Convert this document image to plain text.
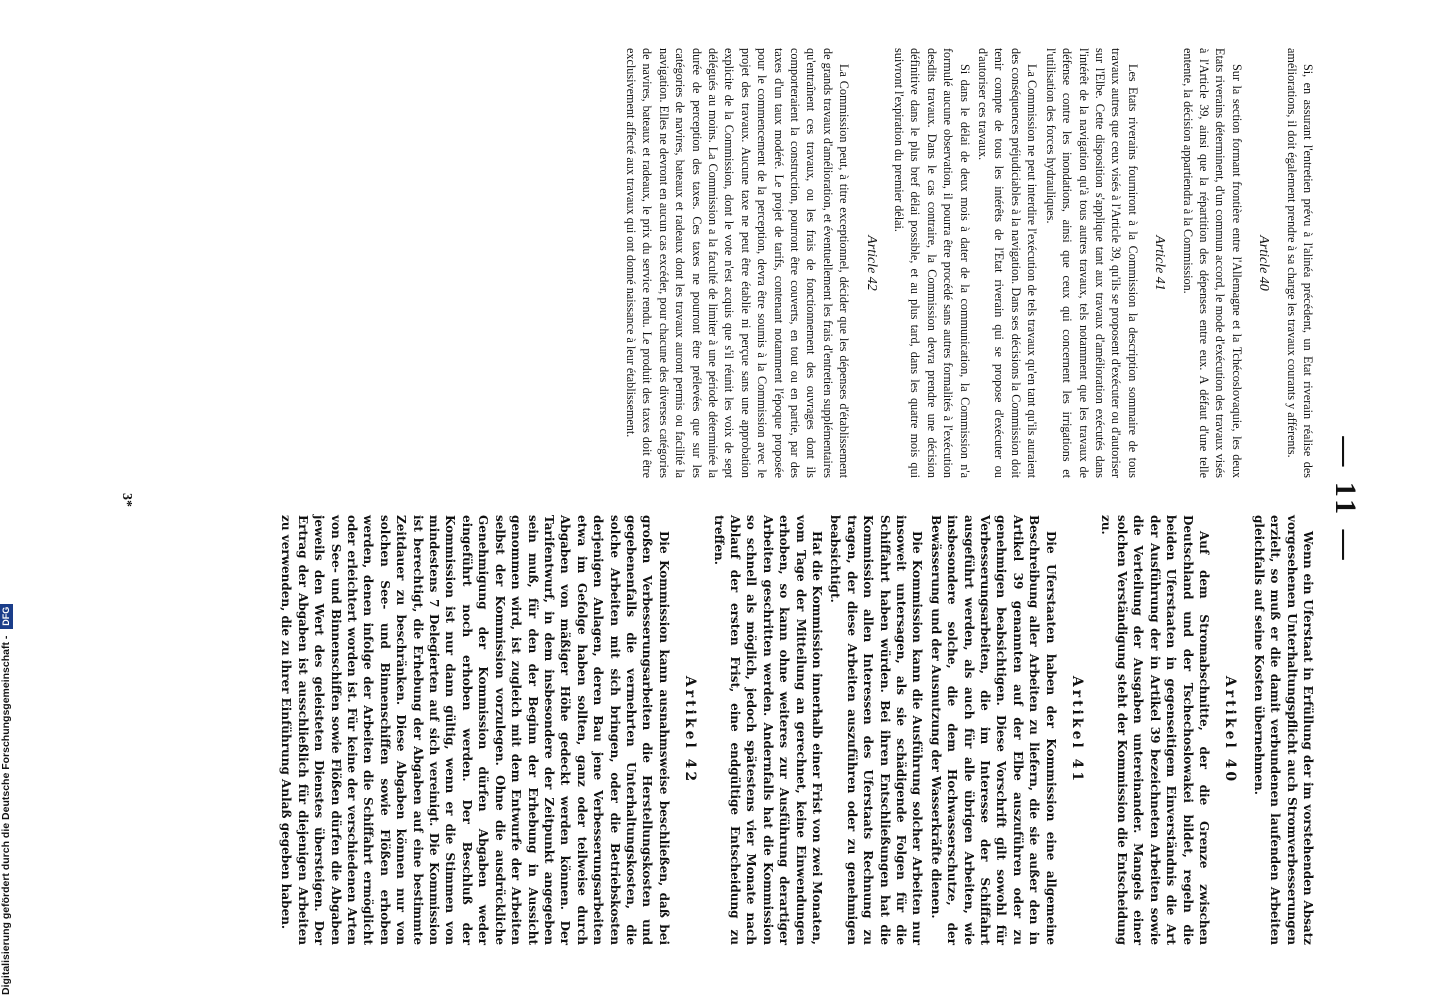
— 11 —

Si, en assurant l'entretien prévu à l'alinéa précédent, un Etat riverain réalise des améliorations, il doit également prendre à sa charge les travaux courants y afférents.

Article 40

Sur la section formant frontière entre l'Allemagne et la Tchécoslovaquie, les deux Etats riverains déterminent, d'un commun accord, le mode d'exécution des travaux visés à l'Article 39, ainsi que la répartition des dépenses entre eux. A défaut d'une telle entente, la décision appartiendra à la Commission.

Article 41

Les Etats riverains fourniront à la Commission la description sommaire de tous travaux autres que ceux visés à l'Article 39, qu'ils se proposent d'exécuter ou d'autoriser sur l'Elbe. Cette disposition s'applique tant aux travaux d'amélioration exécutés dans l'intérêt de la navigation qu'à tous autres travaux, tels notamment que les travaux de défense contre les inondations, ainsi que ceux qui concernent les irrigations et l'utilisation des forces hydrauliques.

La Commission ne peut interdire l'exécution de tels travaux qu'en tant qu'ils auraient des conséquences préjudiciables à la navigation. Dans ses décisions la Commission doit tenir compte de tous les intérêts de l'Etat riverain qui se propose d'exécuter ou d'autoriser ces travaux.

Si dans le délai de deux mois à dater de la communication, la Commission n'a formulé aucune observation, il pourra être procédé sans autres formalités à l'exécution desdits travaux. Dans le cas contraire, la Commission devra prendre une décision définitive dans le plus bref délai possible, et au plus tard, dans les quatre mois qui suivront l'expiration du premier délai.

Article 42

La Commission peut, à titre exceptionnel, décider que les dépenses d'établissement de grands travaux d'amélioration, et éventuellement les frais d'entretien supplémentaires qu'entraînent ces travaux, ou les frais de fonctionnement des ouvrages dont ils comporteraient la construction, pourront être couverts, en tout ou en partie, par des taxes d'un taux modéré. Le projet de tarifs, contenant notamment l'époque proposée pour le commencement de la perception, devra être soumis à la Commission avec le projet des travaux. Aucune taxe ne peut être établie ni perçue sans une approbation explicite de la Commission, dont le vote n'est acquis que s'il réunit les voix de sept délégués au moins. La Commission a la faculté de limiter à une période déterminée la durée de perception des taxes. Ces taxes ne pourront être prélevées que sur les catégories de navires, bateaux et radeaux dont les travaux auront permis ou facilité la navigation. Elles ne devront en aucun cas excéder, pour chacune des diverses catégories de navires, bateaux et radeaux, le prix du service rendu. Le produit des taxes doit être exclusivement affecté aux travaux qui ont donné naissance à leur établissement.

Wenn ein Uferstaat in Erfüllung der im vorstehenden Absatz vorgesehenen Unterhaltungspflicht auch Stromverbesserungen erzielt, so muß er die damit verbundenen laufenden Arbeiten gleichfalls auf seine Kosten übernehmen.

Artikel 40

Auf dem Stromabschnitte, der die Grenze zwischen Deutschland und der Tschechoslowakei bildet, regeln die beiden Uferstaaten in gegenseitigem Einverständnis die Art der Ausführung der in Artikel 39 bezeichneten Arbeiten sowie die Verteilung der Ausgaben untereinander. Mangels einer solchen Verständigung steht der Kommission die Entscheidung zu.

Artikel 41

Die Uferstaaten haben der Kommission eine allgemeine Beschreibung aller Arbeiten zu liefern, die sie außer den in Artikel 39 genannten auf der Elbe auszuführen oder zu genehmigen beabsichtigen. Diese Vorschrift gilt sowohl für Verbesserungsarbeiten, die im Interesse der Schiffahrt ausgeführt werden, als auch für alle übrigen Arbeiten, wie insbesondere solche, die dem Hochwasserschutze, der Bewässerung und der Ausnutzung der Wasserkräfte dienen.

Die Kommission kann die Ausführung solcher Arbeiten nur insoweit untersagen, als sie schädigende Folgen für die Schiffahrt haben würden. Bei ihren Entschließungen hat die Kommission allen Interessen des Uferstaats Rechnung zu tragen, der diese Arbeiten auszuführen oder zu genehmigen beabsichtigt.

Hat die Kommission innerhalb einer Frist von zwei Monaten, vom Tage der Mitteilung an gerechnet, keine Einwendungen erhoben, so kann ohne weiteres zur Ausführung derartiger Arbeiten geschritten werden. Andernfalls hat die Kommission so schnell als möglich, jedoch spätestens vier Monate nach Ablauf der ersten Frist, eine endgültige Entscheidung zu treffen.

Artikel 42

Die Kommission kann ausnahmsweise beschließen, daß bei großen Verbesserungsarbeiten die Herstellungskosten und gegebenenfalls die vermehrten Unterhaltungskosten, die solche Arbeiten mit sich bringen, oder die Betriebskosten derjenigen Anlagen, deren Bau jene Verbesserungsarbeiten etwa im Gefolge haben sollten, ganz oder teilweise durch Abgaben von mäßiger Höhe gedeckt werden können. Der Tarifentwurf, in dem insbesondere der Zeitpunkt angegeben sein muß, für den der Beginn der Erhebung in Aussicht genommen wird, ist zugleich mit dem Entwurfe der Arbeiten selbst der Kommission vorzulegen. Ohne die ausdrückliche Genehmigung der Kommission dürfen Abgaben weder eingeführt noch erhoben werden. Der Beschluß der Kommission ist nur dann gültig, wenn er die Stimmen von mindestens 7 Delegierten auf sich vereinigt. Die Kommission ist berechtigt, die Erhebung der Abgaben auf eine bestimmte Zeitdauer zu beschränken. Diese Abgaben können nur von solchen See- und Binnenschiffen sowie Flößen erhoben werden, denen infolge der Arbeiten die Schiffahrt ermöglicht oder erleichtert worden ist. Für keine der verschiedenen Arten von See- und Binnenschiffen sowie Flößen dürfen die Abgaben jeweils den Wert des geleisteten Dienstes übersteigen. Der Ertrag der Abgaben ist ausschließlich für diejenigen Arbeiten zu verwenden, die zu ihrer Einführung Anlaß gegeben haben.

3*
Digitalisierung gefördert durch die Deutsche Forschungsgemeinschaft - DFG
